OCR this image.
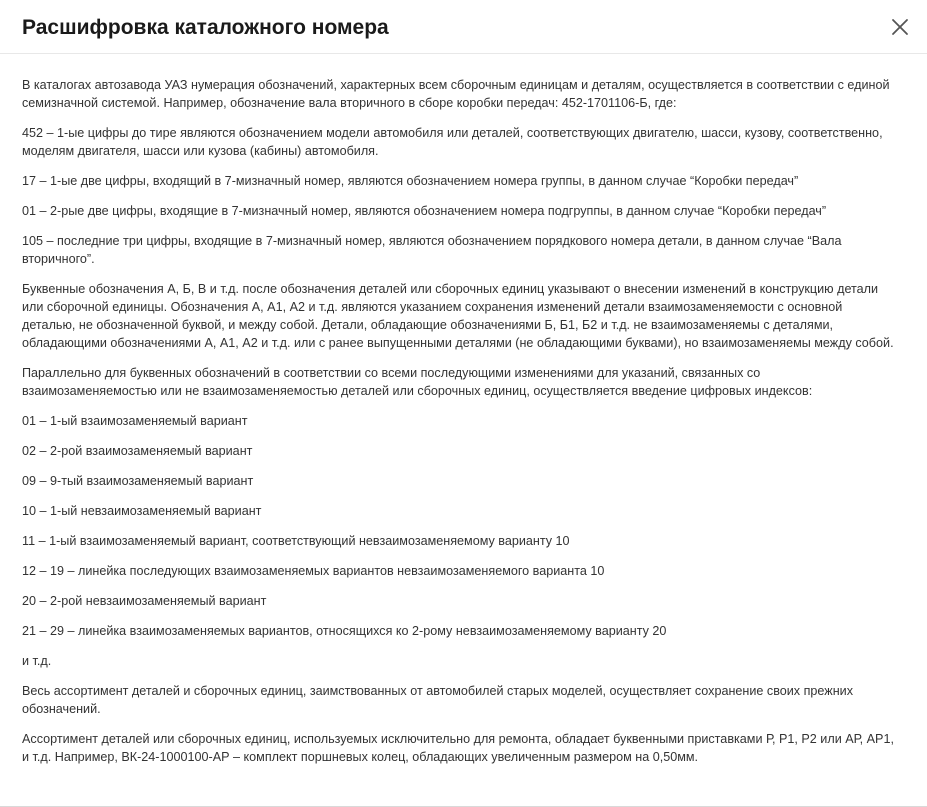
Расшифровка каталожного номера

В каталогах автозавода УАЗ нумерация обозначений, характерных всем сборочным единицам и деталям, осуществляется в соответствии с единой семизначной системой. Например, обозначение вала вторичного в сборе коробки передач: 452-1701106-Б, где:

452 – 1-ые цифры до тире являются обозначением модели автомобиля или деталей, соответствующих двигателю, шасси, кузову, соответственно, моделям двигателя, шасси или кузова (кабины) автомобиля.

17 – 1-ые две цифры, входящий в 7-мизначный номер, являются обозначением номера группы, в данном случае “Коробки передач”

01 – 2-рые две цифры, входящие в 7-мизначный номер, являются обозначением номера подгруппы, в данном случае “Коробки передач”

105 – последние три цифры, входящие в 7-мизначный номер, являются обозначением порядкового номера детали, в данном случае “Вала вторичного”.

Буквенные обозначения А, Б, В и т.д. после обозначения деталей или сборочных единиц указывают о внесении изменений в конструкцию детали или сборочной единицы. Обозначения А, А1, А2 и т.д. являются указанием сохранения изменений детали взаимозаменяемости с основной деталью, не обозначенной буквой, и между собой. Детали, обладающие обозначениями Б, Б1, Б2 и т.д. не взаимозаменяемы с деталями, обладающими обозначениями А, А1, А2 и т.д. или с ранее выпущенными деталями (не обладающими буквами), но взаимозаменяемы между собой.

Параллельно для буквенных обозначений в соответствии со всеми последующими изменениями для указаний, связанных со взаимозаменяемостью или не взаимозаменяемостью деталей или сборочных единиц, осуществляется введение цифровых индексов:

01 – 1-ый взаимозаменяемый вариант

02 – 2-рой взаимозаменяемый вариант

09 – 9-тый взаимозаменяемый вариант

10 – 1-ый невзаимозаменяемый вариант

11 – 1-ый взаимозаменяемый вариант, соответствующий невзаимозаменяемому варианту 10

12 – 19 – линейка последующих взаимозаменяемых вариантов невзаимозаменяемого варианта 10

20 – 2-рой невзаимозаменяемый вариант

21 – 29 – линейка взаимозаменяемых вариантов, относящихся ко 2-рому невзаимозаменяемому варианту 20

и т.д.

Весь ассортимент деталей и сборочных единиц, заимствованных от автомобилей старых моделей, осуществляет сохранение своих прежних обозначений.

Ассортимент деталей или сборочных единиц, используемых исключительно для ремонта, обладает буквенными приставками Р, Р1, Р2 или АР, АР1, и т.д. Например, ВК-24-1000100-АР – комплект поршневых колец, обладающих увеличенным размером на 0,50мм.
